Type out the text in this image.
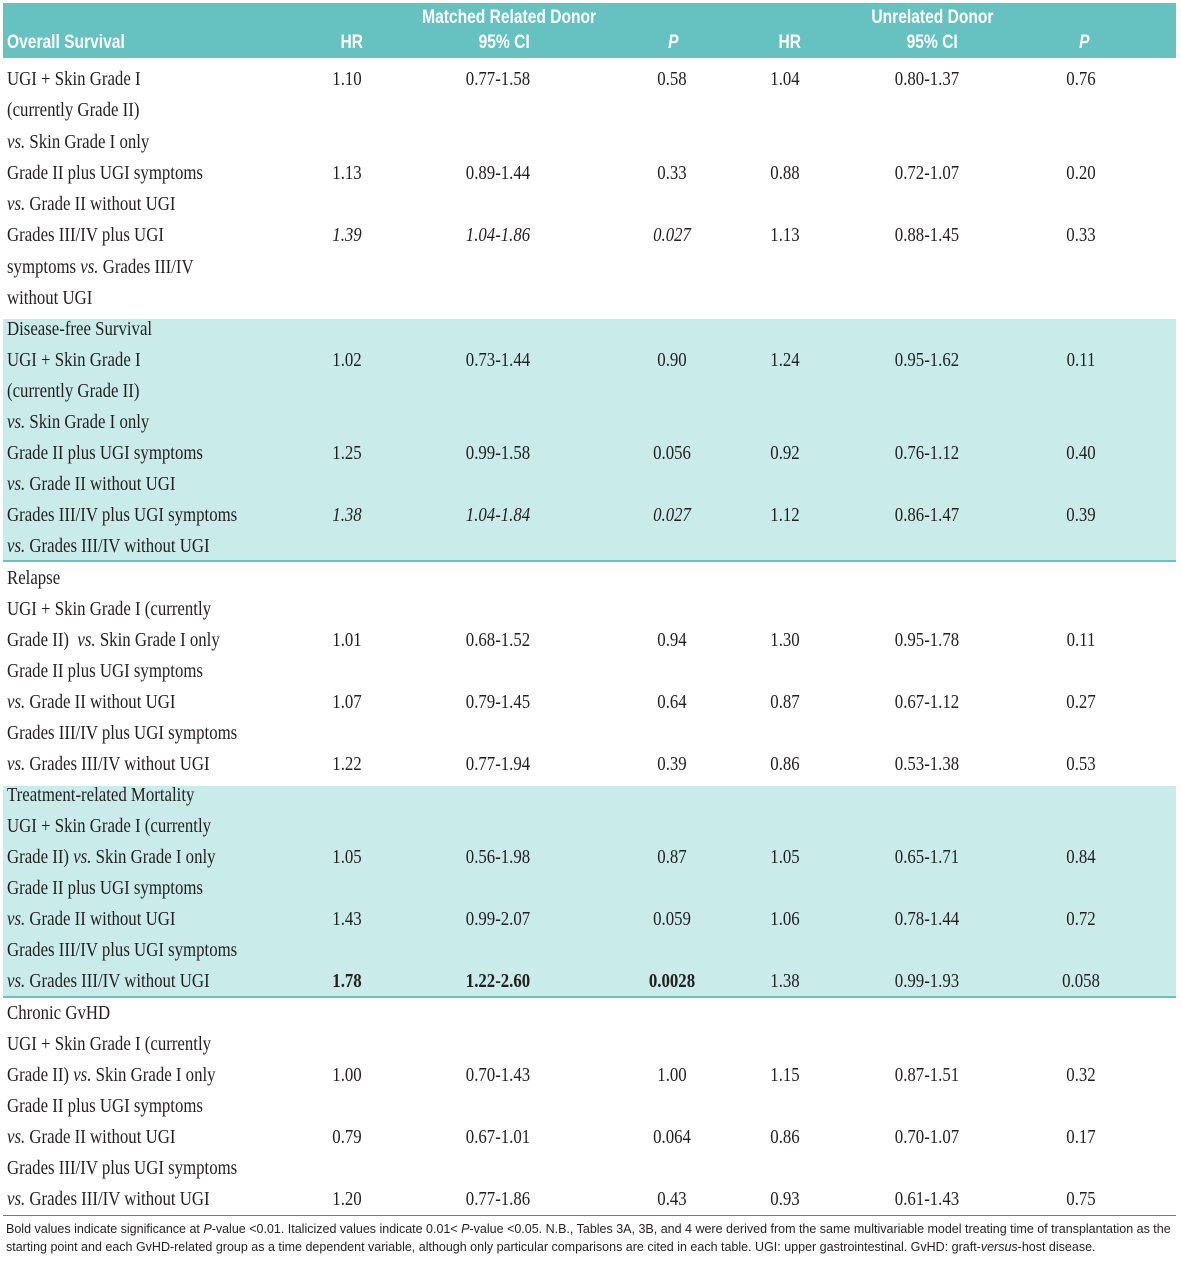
Matched Related Donor	Unrelated Donor
Overall Survival	HR	95% CI	P	HR	95% CI	P
UGI + Skin Grade I
(currently Grade II)
vs. Skin Grade I only
1.10	0.77-1.58	0.58	1.04	0.80-1.37	0.76
Grade II plus UGI symptoms
vs. Grade II without UGI
1.13	0.89-1.44	0.33	0.88	0.72-1.07	0.20
Grades III/IV plus UGI
symptoms vs. Grades III/IV
without UGI
1.39	1.04-1.86	0.027	1.13	0.88-1.45	0.33
Disease-free Survival
UGI + Skin Grade I
(currently Grade II)
vs. Skin Grade I only
1.02	0.73-1.44	0.90	1.24	0.95-1.62	0.11
Grade II plus UGI symptoms
vs. Grade II without UGI
1.25	0.99-1.58	0.056	0.92	0.76-1.12	0.40
Grades III/IV plus UGI symptoms
vs. Grades III/IV without UGI
1.38	1.04-1.84	0.027	1.12	0.86-1.47	0.39
Relapse
UGI + Skin Grade I (currently
Grade II)  vs. Skin Grade I only	1.01	0.68-1.52	0.94	1.30	0.95-1.78	0.11
Grade II plus UGI symptoms
vs. Grade II without UGI	1.07	0.79-1.45	0.64	0.87	0.67-1.12	0.27
Grades III/IV plus UGI symptoms
vs. Grades III/IV without UGI	1.22	0.77-1.94	0.39	0.86	0.53-1.38	0.53
Treatment-related Mortality
UGI + Skin Grade I (currently
Grade II) vs. Skin Grade I only	1.05	0.56-1.98	0.87	1.05	0.65-1.71	0.84
Grade II plus UGI symptoms
vs. Grade II without UGI	1.43	0.99-2.07	0.059	1.06	0.78-1.44	0.72
Grades III/IV plus UGI symptoms
vs. Grades III/IV without UGI	1.78	1.22-2.60	0.0028	1.38	0.99-1.93	0.058
Chronic GvHD
UGI + Skin Grade I (currently
Grade II) vs. Skin Grade I only	1.00	0.70-1.43	1.00	1.15	0.87-1.51	0.32
Grade II plus UGI symptoms
vs. Grade II without UGI	0.79	0.67-1.01	0.064	0.86	0.70-1.07	0.17
Grades III/IV plus UGI symptoms
vs. Grades III/IV without UGI	1.20	0.77-1.86	0.43	0.93	0.61-1.43	0.75
Bold values indicate significance at P-value <0.01. Italicized values indicate 0.01< P-value <0.05. N.B., Tables 3A, 3B, and 4 were derived from the same multivariable model treating time of transplantation as the starting point and each GvHD-related group as a time dependent variable, although only particular comparisons are cited in each table. UGI: upper gastrointestinal. GvHD: graft-versus-host disease.
